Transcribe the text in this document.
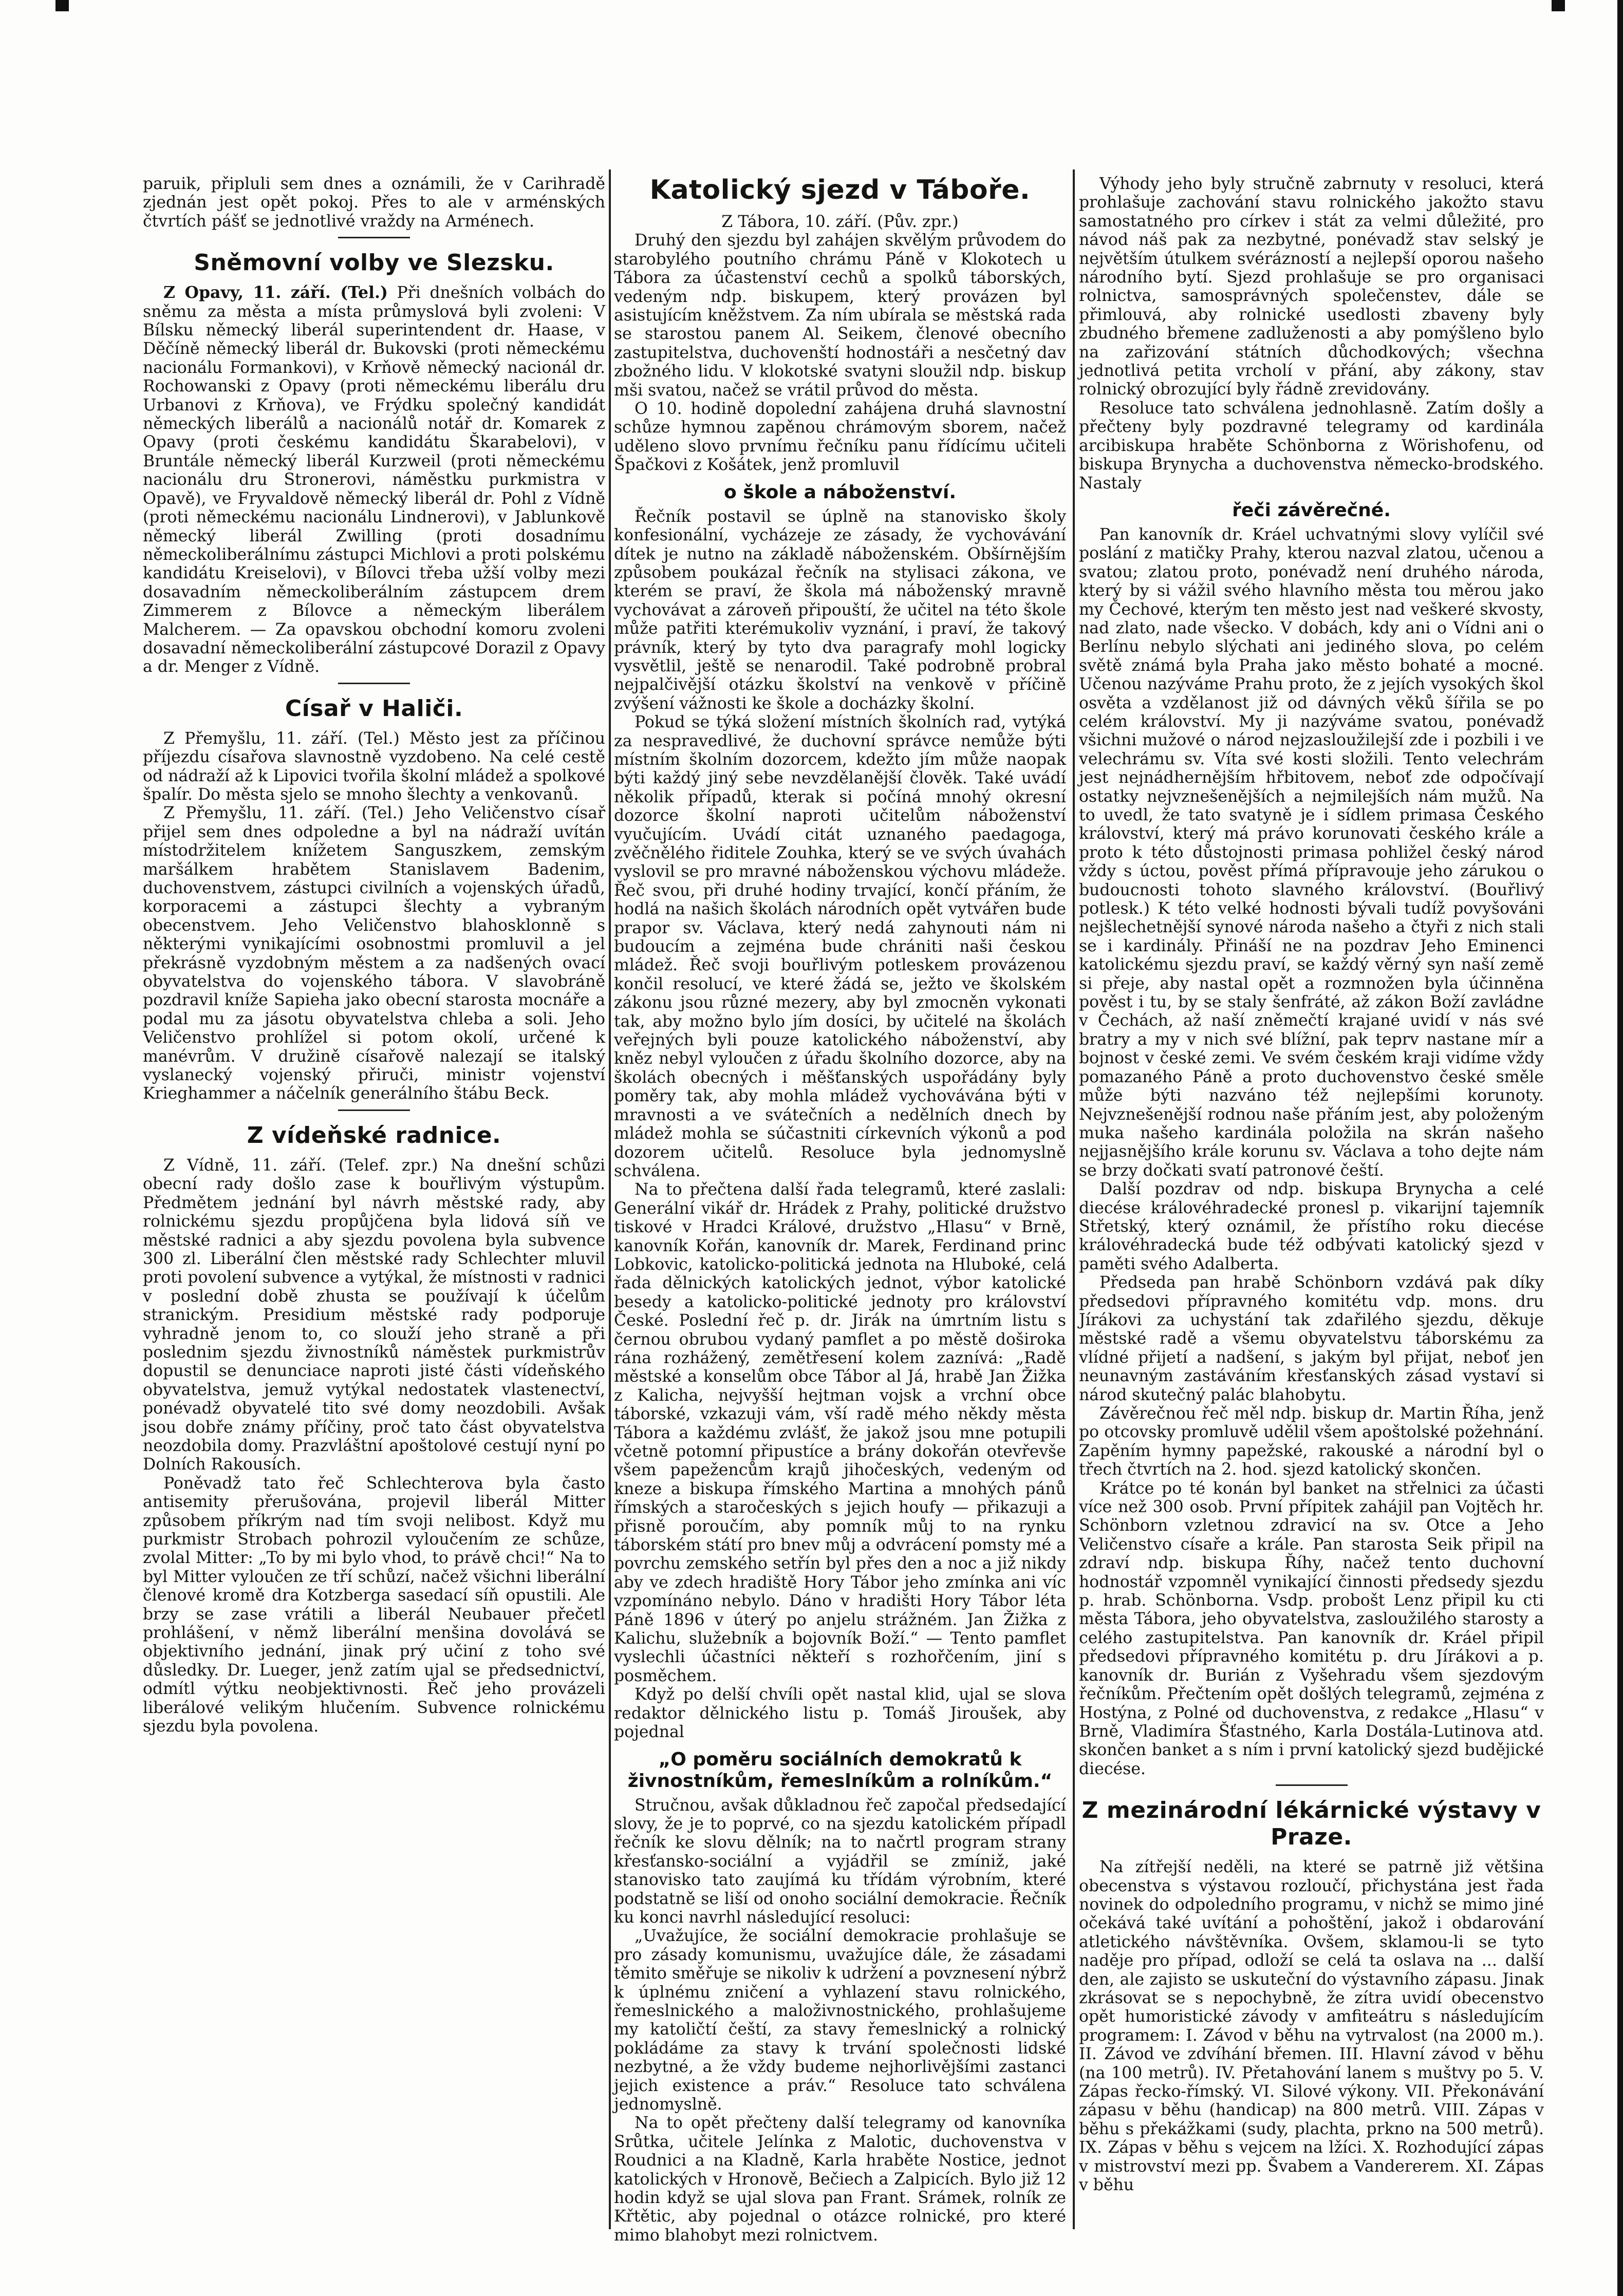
paruik, připluli sem dnes a oznámili, že v Carihradě zjednán jest opět pokoj. Přes to ale v arménských čtvrtích pášť se jednotlivé vraždy na Arménech.

Sněmovní volby ve Slezsku.

Z Opavy, 11. září. (Tel.) Při dnešních volbách do sněmu za města a místa průmyslová byli zvoleni: V Bílsku německý liberál superintendent dr. Haase, v Děčíně německý liberál dr. Bukovski (proti německému nacionálu Formankovi), v Krňově německý nacionál dr. Rochowanski z Opavy (proti německému liberálu dru Urbanovi z Krňova), ve Frýdku společný kandidát německých liberálů a nacionálů notář dr. Komarek z Opavy (proti českému kandidátu Škarabelovi), v Bruntále německý liberál Kurzweil (proti německému nacionálu dru Stronerovi, náměstku purkmistra v Opavě), ve Fryvaldově německý liberál dr. Pohl z Vídně (proti německému nacionálu Lindnerovi), v Jablunkově německý liberál Zwilling (proti dosadnímu německoliberálnímu zástupci Michlovi a proti polskému kandidátu Kreiselovi), v Bílovci třeba užší volby mezi dosavadním německoliberálním zástupcem drem Zimmerem z Bílovce a německým liberálem Malcherem. — Za opavskou obchodní komoru zvoleni dosavadní německoliberální zástupcové Dorazil z Opavy a dr. Menger z Vídně.

Císař v Haliči.

Z Přemyšlu, 11. září. (Tel.) Město jest za příčinou příjezdu císařova slavnostně vyzdobeno. Na celé cestě od nádraží až k Lipovici tvořila školní mládež a spolkové špalír. Do města sjelo se mnoho šlechty a venkovanů.

Z Přemyšlu, 11. září. (Tel.) Jeho Veličenstvo císař přijel sem dnes odpoledne a byl na nádraží uvítán místodržitelem knížetem Sanguszkem, zemským maršálkem hrabětem Stanislavem Badenim, duchovenstvem, zástupci civilních a vojenských úřadů, korporacemi a zástupci šlechty a vybraným obecenstvem. Jeho Veličenstvo blahosklonně s některými vynikajícími osobnostmi promluvil a jel překrásně vyzdobným městem a za nadšených ovací obyvatelstva do vojenského tábora. V slavobráně pozdravil kníže Sapieha jako obecní starosta mocnáře a podal mu za jásotu obyvatelstva chleba a soli. Jeho Veličenstvo prohlížel si potom okolí, určené k manévrům. V družině císařově nalezají se italský vyslanecký vojenský přiruči, ministr vojenství Krieghammer a náčelník generálního štábu Beck.

Z vídeňské radnice.

Z Vídně, 11. září. (Telef. zpr.) Na dnešní schůzi obecní rady došlo zase k bouřlivým výstupům. Předmětem jednání byl návrh městské rady, aby rolnickému sjezdu propůjčena byla lidová síň ve městské radnici a aby sjezdu povolena byla subvence 300 zl. Liberální člen městské rady Schlechter mluvil proti povolení subvence a vytýkal, že místnosti v radnici v poslední době zhusta se používají k účelům stranickým. Presidium městské rady podporuje vyhradně jenom to, co slouží jeho straně a při poslednim sjezdu živnostníků náměstek purkmistrův dopustil se denunciace naproti jisté části vídeňského obyvatelstva, jemuž vytýkal nedostatek vlastenectví, ponévadž obyvatelé tito své domy neozdobili. Avšak jsou dobře známy příčiny, proč tato část obyvatelstva neozdobila domy. Prazvláštní apoštolové cestují nyní po Dolních Rakousích.

Poněvadž tato řeč Schlechterova byla často antisemity přerušována, projevil liberál Mitter způsobem příkrým nad tím svoji nelibost. Když mu purkmistr Strobach pohrozil vyloučením ze schůze, zvolal Mitter: „To by mi bylo vhod, to právě chci!“ Na to byl Mitter vyloučen ze tří schůzí, načež všichni liberální členové kromě dra Kotzberga sasedací síň opustili. Ale brzy se zase vrátili a liberál Neubauer přečetl prohlášení, v němž liberální menšina dovolává se objektivního jednání, jinak prý učiní z toho své důsledky. Dr. Lueger, jenž zatím ujal se předsednictví, odmítl výtku neobjektivnosti. Řeč jeho provázeli liberálové velikým hlučením. Subvence rolnickému sjezdu byla povolena.

Katolický sjezd v Táboře.

Z Tábora, 10. září. (Pův. zpr.)

Druhý den sjezdu byl zahájen skvělým průvodem do starobylého poutního chrámu Páně v Klokotech u Tábora za účastenství cechů a spolků táborských, vedeným ndp. biskupem, který provázen byl asistujícím kněžstvem. Za ním ubírala se městská rada se starostou panem Al. Seikem, členové obecního zastupitelstva, duchovenští hodnostáři a nesčetný dav zbožného lidu. V klokotské svatyni sloužil ndp. biskup mši svatou, načež se vrátil průvod do města.

O 10. hodině dopolední zahájena druhá slavnostní schůze hymnou zapěnou chrámovým sborem, načež uděleno slovo prvnímu řečníku panu řídícímu učiteli Špačkovi z Košátek, jenž promluvil

o škole a náboženství.

Řečník postavil se úplně na stanovisko školy konfesionální, vycházeje ze zásady, že vychovávání dítek je nutno na základě náboženském. Obšírnějším způsobem poukázal řečník na stylisaci zákona, ve kterém se praví, že škola má náboženský mravně vychovávat a zároveň připouští, že učitel na této škole může patřiti kterémukoliv vyznání, i praví, že takový právník, který by tyto dva paragrafy mohl logicky vysvětlil, ještě se nenarodil. Také podrobně probral nejpalčivější otázku školství na venkově v příčině zvýšení vážnosti ke škole a docházky školní.

Pokud se týká složení místních školních rad, vytýká za nespravedlivé, že duchovní správce nemůže býti místním školním dozorcem, kdežto jím může naopak býti každý jiný sebe nevzdělanější člověk. Také uvádí několik případů, kterak si počíná mnohý okresní dozorce školní naproti učitelům náboženství vyučujícím. Uvádí citát uznaného paedagoga, zvěčnělého řiditele Zouhka, který se ve svých úvahách vyslovil se pro mravné náboženskou výchovu mládeže. Řeč svou, při druhé hodiny trvající, končí přáním, že hodlá na našich školách národních opět vytvářen bude prapor sv. Václava, který nedá zahynouti nám ni budoucím a zejména bude chrániti naši českou mládež. Řeč svoji bouřlivým potleskem provázenou končil resolucí, ve které žádá se, ježto ve školském zákonu jsou různé mezery, aby byl zmocněn vykonati tak, aby možno bylo jím dosíci, by učitelé na školách veřejných byli pouze katolického náboženství, aby kněz nebyl vyloučen z úřadu školního dozorce, aby na školách obecných i měšťanských uspořádány byly poměry tak, aby mohla mládež vychovávána býti v mravnosti a ve svátečních a nedělních dnech by mládež mohla se súčastniti církevních výkonů a pod dozorem učitelů. Resoluce byla jednomyslně schválena.

Na to přečtena další řada telegramů, které zaslali: Generální vikář dr. Hrádek z Prahy, politické družstvo tiskové v Hradci Králové, družstvo „Hlasu“ v Brně, kanovník Kořán, kanovník dr. Marek, Ferdinand princ Lobkovic, katolicko-politická jednota na Hluboké, celá řada dělnických katolických jednot, výbor katolické besedy a katolicko-politické jednoty pro království České. Poslední řeč p. dr. Jirák na úmrtním listu s černou obrubou vydaný pamflet a po městě doširoka rána rozhážený, zemětřesení kolem zaznívá: „Radě městské a konselům obce Tábor al Já, hrabě Jan Žižka z Kalicha, nejvyšší hejtman vojsk a vrchní obce táborské, vzkazuji vám, vší radě mého někdy města Tábora a každému zvlášť, že jakož jsou mne potupili včetně potomní připustíce a brány dokořán otevřevše všem papežencům krajů jihočeských, vedeným od kneze a biskupa římského Martina a mnohých pánů římských a staročeských s jejich houfy — přikazuji a přisně poroučím, aby pomník můj to na rynku táborském státí pro bnev můj a odvrácení pomsty mé a povrchu zemského setřín byl přes den a noc a již nikdy aby ve zdech hradiště Hory Tábor jeho zmínka ani víc vzpomínáno nebylo. Dáno v hradišti Hory Tábor léta Páně 1896 v úterý po anjelu strážném. Jan Žižka z Kalichu, služebník a bojovník Boží.“ — Tento pamflet vyslechli účastníci někteří s rozhořčením, jiní s posměchem.

Když po delší chvíli opět nastal klid, ujal se slova redaktor dělnického listu p. Tomáš Jiroušek, aby pojednal

„O poměru sociálních demokratů k živnostníkům, řemeslníkům a rolníkům.“

Stručnou, avšak důkladnou řeč započal předsedající slovy, že je to poprvé, co na sjezdu katolickém případl řečník ke slovu dělník; na to načrtl program strany křesťansko-sociální a vyjádřil se zmíniž, jaké stanovisko tato zaujímá ku třídám výrobním, které podstatně se liší od onoho sociální demokracie. Řečník ku konci navrhl následující resoluci:

„Uvažujíce, že sociální demokracie prohlašuje se pro zásady komunismu, uvažujíce dále, že zásadami těmito směřuje se nikoliv k udržení a povznesení nýbrž k úplnému zničení a vyhlazení stavu rolnického, řemeslnického a maloživnostnického, prohlašujeme my katoličtí čeští, za stavy řemeslnický a rolnický pokládáme za stavy k trvání společnosti lidské nezbytné, a že vždy budeme nejhorlivějšími zastanci jejich existence a práv.“ Resoluce tato schválena jednomyslně.

Na to opět přečteny další telegramy od kanovníka Srůtka, učitele Jelínka z Malotic, duchovenstva v Roudnici a na Kladně, Karla hraběte Nostice, jednot katolických v Hronově, Bečiech a Zalpicích. Bylo již 12 hodin když se ujal slova pan Frant. Srámek, rolník ze Křtětic, aby pojednal o otázce rolnické, pro které mimo blahobyt mezi rolnictvem.

Výhody jeho byly stručně zabrnuty v resoluci, která prohlašuje zachování stavu rolnického jakožto stavu samostatného pro církev i stát za velmi důležité, pro návod náš pak za nezbytné, ponévadž stav selský je největším útulkem svérázností a nejlepší oporou našeho národního bytí. Sjezd prohlašuje se pro organisaci rolnictva, samosprávných společenstev, dále se přimlouvá, aby rolnické usedlosti zbaveny byly zbudného břemene zadluženosti a aby pomýšleno bylo na zařizování státních důchodkových; všechna jednotlivá petita vrcholí v přání, aby zákony, stav rolnický obrozující byly řádně zrevidovány.

Resoluce tato schválena jednohlasně. Zatím došly a přečteny byly pozdravné telegramy od kardinála arcibiskupa hraběte Schönborna z Wörishofenu, od biskupa Brynycha a duchovenstva německo-brodského. Nastaly

řeči závěrečné.

Pan kanovník dr. Kráel uchvatnými slovy vylíčil své poslání z matičky Prahy, kterou nazval zlatou, učenou a svatou; zlatou proto, ponévadž není druhého národa, který by si vážil svého hlavního města tou měrou jako my Čechové, kterým ten město jest nad veškeré skvosty, nad zlato, nade všecko. V dobách, kdy ani o Vídni ani o Berlínu nebylo slýchati ani jediného slova, po celém světě známá byla Praha jako město bohaté a mocné. Učenou nazýváme Prahu proto, že z jejích vysokých škol osvěta a vzdělanost již od dávných věků šířila se po celém království. My ji nazýváme svatou, ponévadž všichni mužové o národ nejzasloužilejší zde i pozbili i ve velechrámu sv. Víta své kosti složili. Tento velechrám jest nejnádhernějším hřbitovem, neboť zde odpočívají ostatky nejvznešenějších a nejmilejších nám mužů. Na to uvedl, že tato svatyně je i sídlem primasa Českého království, který má právo korunovati českého krále a proto k této důstojnosti primasa pohližel český národ vždy s úctou, pověst přímá přípravouje jeho zárukou o budoucnosti tohoto slavného království. (Bouřlivý potlesk.) K této velké hodnosti bývali tudíž povyšováni nejšlechetnější synové národa našeho a čtyři z nich stali se i kardinály. Přináší ne na pozdrav Jeho Eminenci katolickému sjezdu praví, se každý věrný syn naší země si přeje, aby nastal opět a rozmnožen byla účinněna pověst i tu, by se staly šenfráté, až zákon Boží zavládne v Čechách, až naší zněmečtí krajané uvidí v nás své bratry a my v nich své blížní, pak teprv nastane mír a bojnost v české zemi. Ve svém českém kraji vidíme vždy pomazaného Páně a proto duchovenstvo české směle může býti nazváno též nejlepšími korunoty. Nejvznešenější rodnou naše přáním jest, aby položeným muka našeho kardinála položila na skrán našeho nejjasnějšího krále korunu sv. Václava a toho dejte nám se brzy dočkati svatí patronové čeští.

Další pozdrav od ndp. biskupa Brynycha a celé diecése královéhradecké pronesl p. vikarijní tajemník Střetský, který oznámil, že přístího roku diecése královéhradecká bude též odbývati katolický sjezd v paměti svého Adalberta.

Předseda pan hrabě Schönborn vzdává pak díky předsedovi přípravného komitétu vdp. mons. dru Jírákovi za uchystání tak zdařilého sjezdu, děkuje městské radě a všemu obyvatelstvu táborskému za vlídné přijetí a nadšení, s jakým byl přijat, neboť jen neunavným zastáváním křesťanských zásad vystaví si národ skutečný palác blahobytu.

Závěrečnou řeč měl ndp. biskup dr. Martin Říha, jenž po otcovsky promluvě udělil všem apoštolské požehnání. Zapěním hymny papežské, rakouské a národní byl o třech čtvrtích na 2. hod. sjezd katolický skončen.

Krátce po té konán byl banket na střelnici za účasti více než 300 osob. První přípitek zahájil pan Vojtěch hr. Schönborn vzletnou zdravicí na sv. Otce a Jeho Veličenstvo císaře a krále. Pan starosta Seik připil na zdraví ndp. biskupa Říhy, načež tento duchovní hodnostář vzpomněl vynikající činnosti předsedy sjezdu p. hrab. Schönborna. Vsdp. probošt Lenz připil ku cti města Tábora, jeho obyvatelstva, zasloužilého starosty a celého zastupitelstva. Pan kanovník dr. Kráel připil předsedovi přípravného komitétu p. dru Jírákovi a p. kanovník dr. Burián z Vyšehradu všem sjezdovým řečníkům. Přečtením opět došlých telegramů, zejména z Hostýna, z Polné od duchovenstva, z redakce „Hlasu“ v Brně, Vladimíra Šťastného, Karla Dostála-Lutinova atd. skončen banket a s ním i první katolický sjezd budějické diecése.

Z mezinárodní lékárnické výstavy v Praze.

Na zítřejší neděli, na které se patrně již většina obecenstva s výstavou rozloučí, přichystána jest řada novinek do odpoledního programu, v nichž se mimo jiné očekává také uvítání a pohoštění, jakož i obdarování atletického návštěvníka. Ovšem, sklamou-li se tyto naděje pro případ, odloží se celá ta oslava na ... další den, ale zajisto se uskuteční do výstavního zápasu. Jinak zkrásovat se s nepochybně, že zítra uvidí obecenstvo opět humoristické závody v amfiteátru s následujícím programem: I. Závod v běhu na vytrvalost (na 2000 m.). II. Závod ve zdvíhání břemen. III. Hlavní závod v běhu (na 100 metrů). IV. Přetahování lanem s muštvy po 5. V. Zápas řecko-římský. VI. Silové výkony. VII. Překonávání zápasu v běhu (handicap) na 800 metrů. VIII. Zápas v běhu s překážkami (sudy, plachta, prkno na 500 metrů). IX. Zápas v běhu s vejcem na lžíci. X. Rozhodující zápas v mistrovství mezi pp. Švabem a Vandererem. XI. Zápas v běhu
